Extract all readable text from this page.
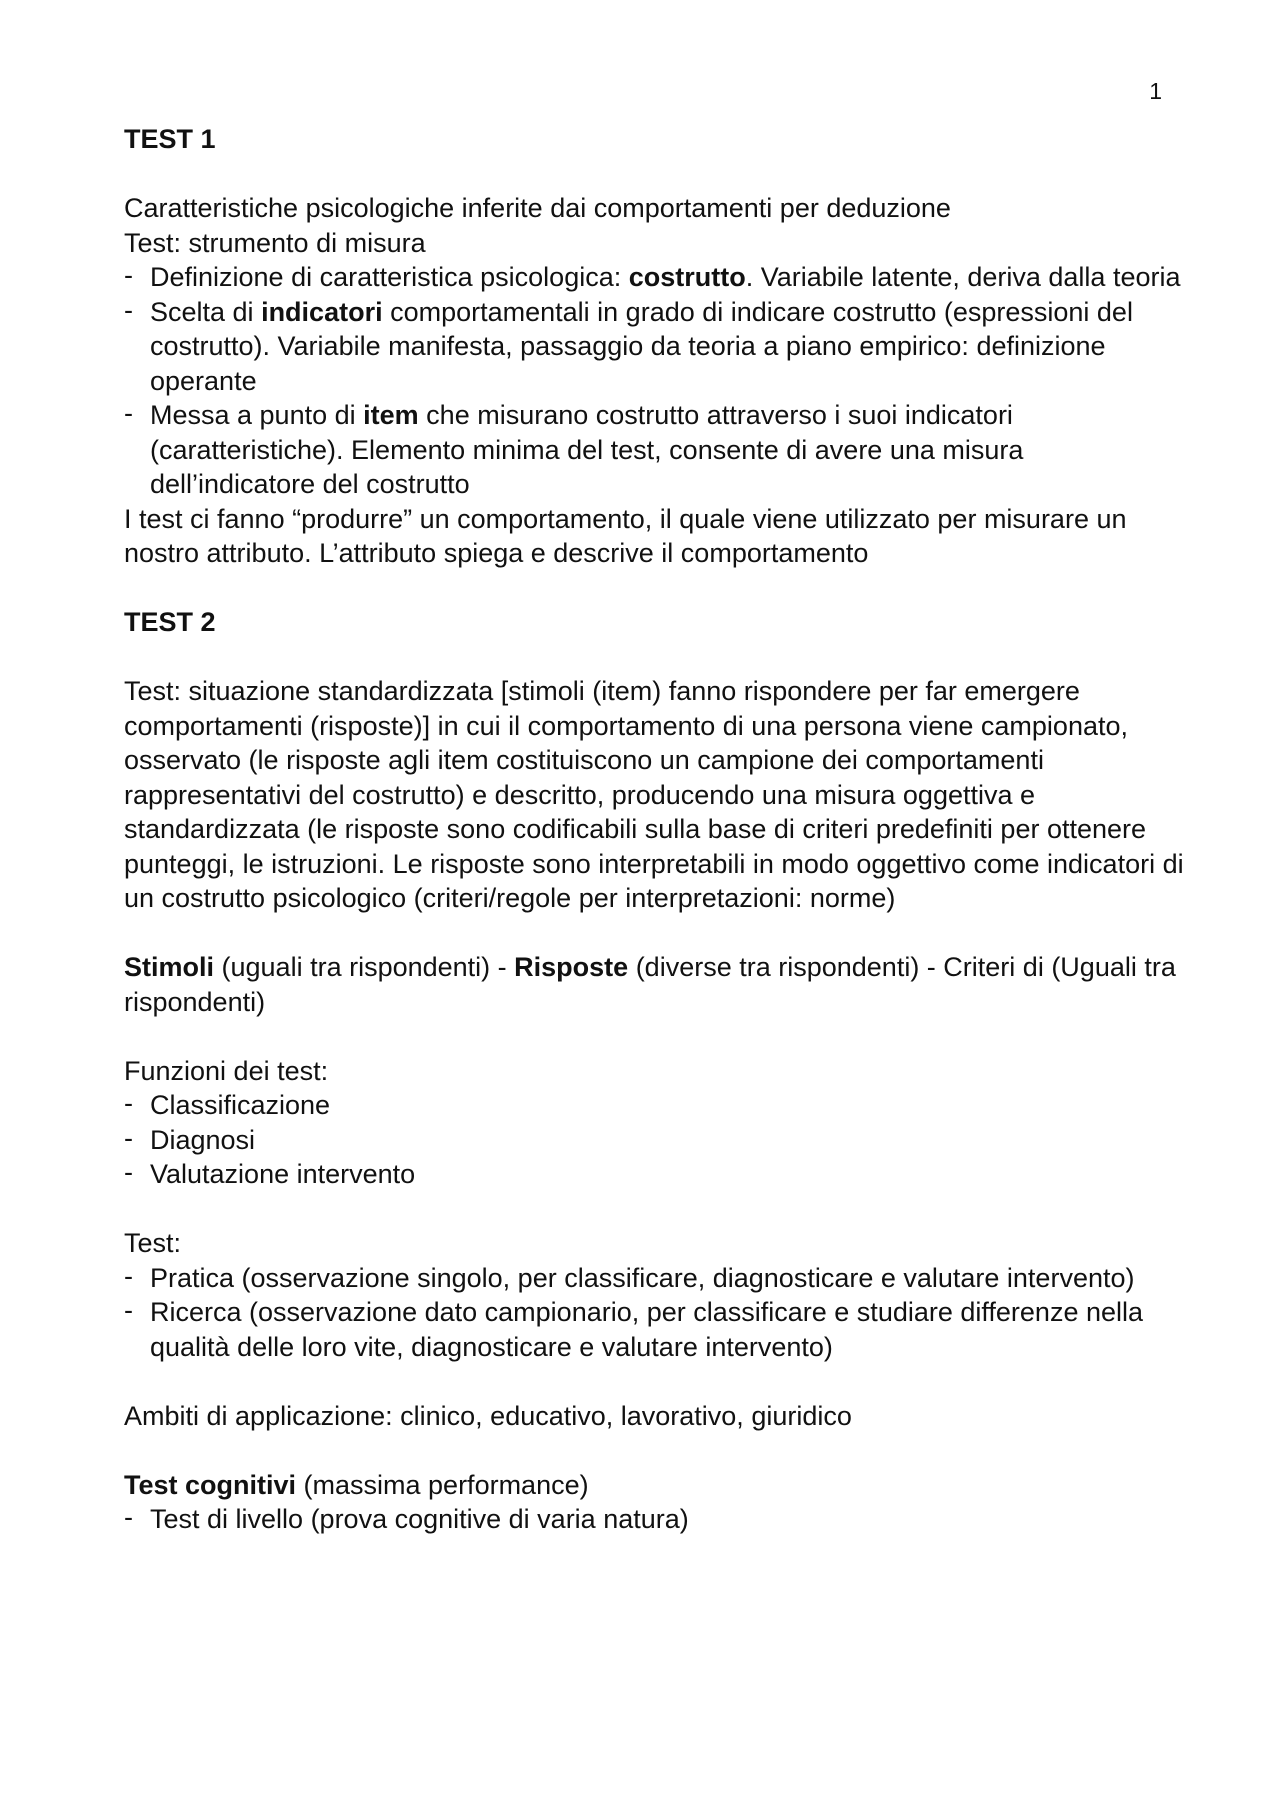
1
TEST 1

Caratteristiche psicologiche inferite dai comportamenti per deduzione

Test: strumento di misura

- Definizione di caratteristica psicologica: costrutto. Variabile latente, deriva dalla teoria
- Scelta di indicatori comportamentali in grado di indicare costrutto (espressioni del costrutto). Variabile manifesta, passaggio da teoria a piano empirico: definizione operante
- Messa a punto di item che misurano costrutto attraverso i suoi indicatori (caratteristiche). Elemento minima del test, consente di avere una misura dell’indicatore del costrutto

I test ci fanno “produrre” un comportamento, il quale viene utilizzato per misurare un nostro attributo. L’attributo spiega e descrive il comportamento

TEST 2

Test: situazione standardizzata [stimoli (item) fanno rispondere per far emergere comportamenti (risposte)] in cui il comportamento di una persona viene campionato, osservato (le risposte agli item costituiscono un campione dei comportamenti rappresentativi del costrutto) e descritto, producendo una misura oggettiva e standardizzata (le risposte sono codificabili sulla base di criteri predefiniti per ottenere punteggi, le istruzioni. Le risposte sono interpretabili in modo oggettivo come indicatori di un costrutto psicologico (criteri/regole per interpretazioni: norme)

Stimoli (uguali tra rispondenti) - Risposte (diverse tra rispondenti) - Criteri di (Uguali tra rispondenti)

Funzioni dei test:

- Classificazione
- Diagnosi
- Valutazione intervento

Test:

- Pratica (osservazione singolo, per classificare, diagnosticare e valutare intervento)
- Ricerca (osservazione dato campionario, per classificare e studiare differenze nella qualità delle loro vite, diagnosticare e valutare intervento)

Ambiti di applicazione: clinico, educativo, lavorativo, giuridico

Test cognitivi (massima performance)

- Test di livello (prova cognitive di varia natura)
